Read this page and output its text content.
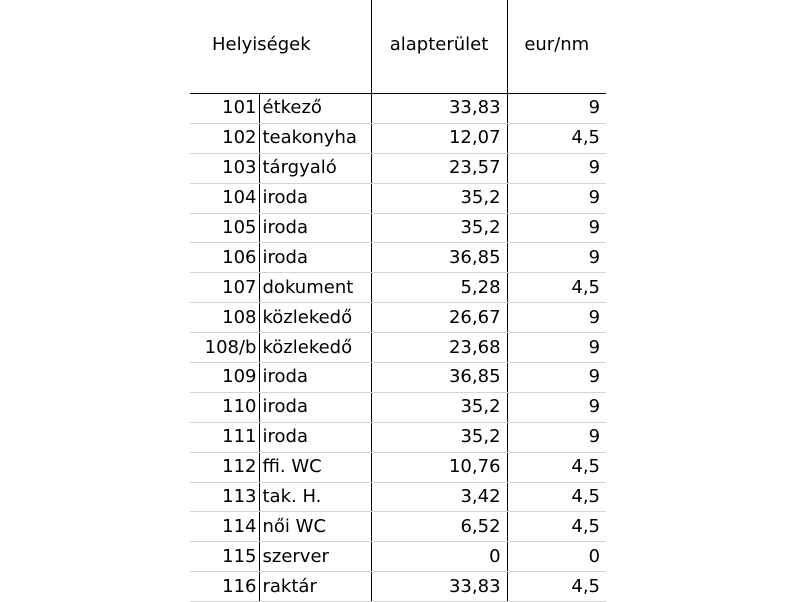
Helyiségek		alapterület	eur/nm
101	étkező	33,83	9
102	teakonyha	12,07	4,5
103	tárgyaló	23,57	9
104	iroda	35,2	9
105	iroda	35,2	9
106	iroda	36,85	9
107	dokument	5,28	4,5
108	közlekedő	26,67	9
108/b	közlekedő	23,68	9
109	iroda	36,85	9
110	iroda	35,2	9
111	iroda	35,2	9
112	ffi. WC	10,76	4,5
113	tak. H.	3,42	4,5
114	női WC	6,52	4,5
115	szerver	0	0
116	raktár	33,83	4,5
